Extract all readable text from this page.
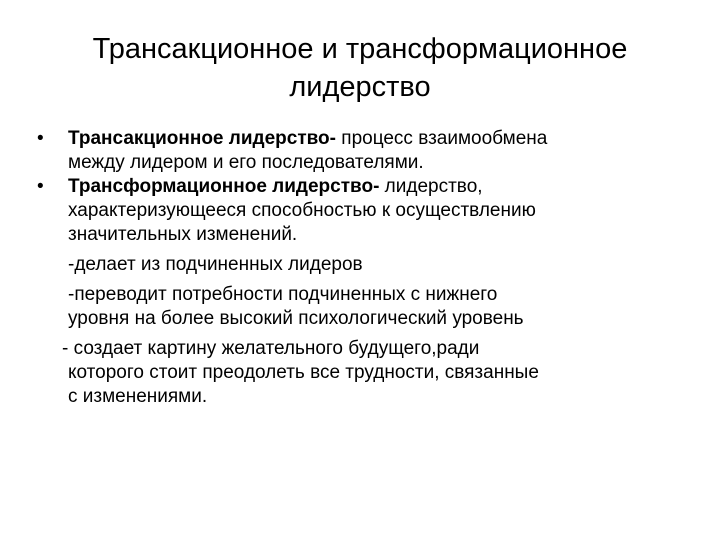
Трансакционное и трансформационное
лидерство
• Трансакционное лидерство- процесс взаимообмена
между лидером и его последователями.
• Трансформационное лидерство- лидерство,
характеризующееся способностью к осуществлению
значительных изменений.
-делает из подчиненных лидеров
-переводит потребности подчиненных с нижнего
уровня на более высокий психологический уровень
- создает картину желательного будущего,ради
которого стоит преодолеть все трудности, связанные
с изменениями.
